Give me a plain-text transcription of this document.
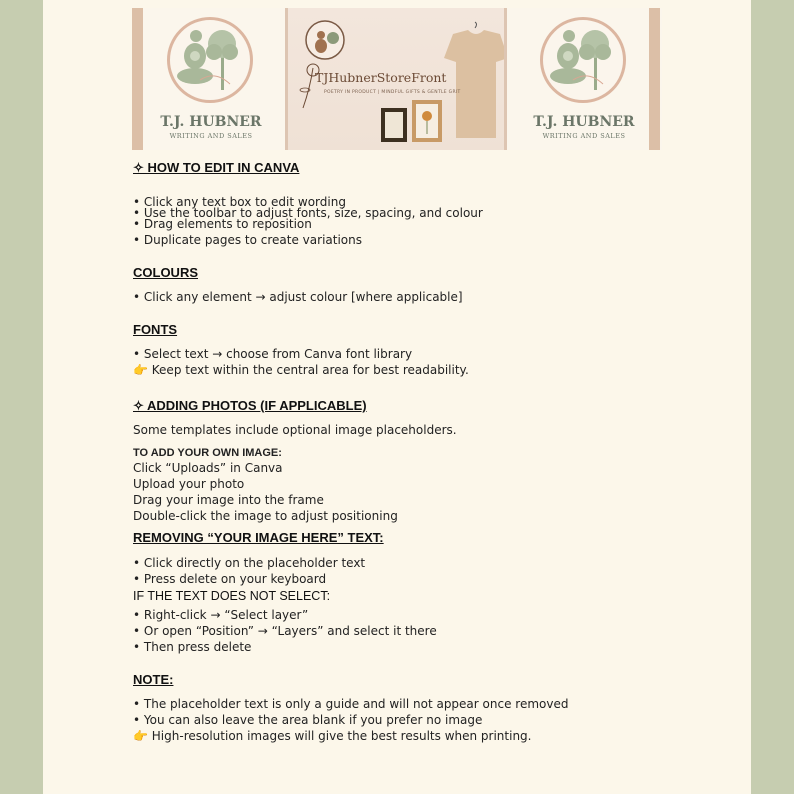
T.J. HUBNER
WRITING AND SALES
TJHubnerStoreFront
POETRY IN PRODUCT | MINDFUL GIFTS & GENTLE GRIT
T.J. HUBNER
WRITING AND SALES
✧ HOW TO EDIT IN CANVA
• Click any text box to edit wording
• Use the toolbar to adjust fonts, size, spacing, and colour
• Drag elements to reposition
• Duplicate pages to create variations
COLOURS
• Click any element → adjust colour [where applicable]
FONTS
• Select text → choose from Canva font library
👉 Keep text within the central area for best readability.
✧ ADDING PHOTOS (IF APPLICABLE)
Some templates include optional image placeholders.
TO ADD YOUR OWN IMAGE:
Click “Uploads” in Canva
Upload your photo
Drag your image into the frame
Double-click the image to adjust positioning
REMOVING “YOUR IMAGE HERE” TEXT:
• Click directly on the placeholder text
• Press delete on your keyboard
IF THE TEXT DOES NOT SELECT:
• Right-click → “Select layer”
• Or open “Position” → “Layers” and select it there
• Then press delete
NOTE:
• The placeholder text is only a guide and will not appear once removed
• You can also leave the area blank if you prefer no image
👉 High-resolution images will give the best results when printing.
